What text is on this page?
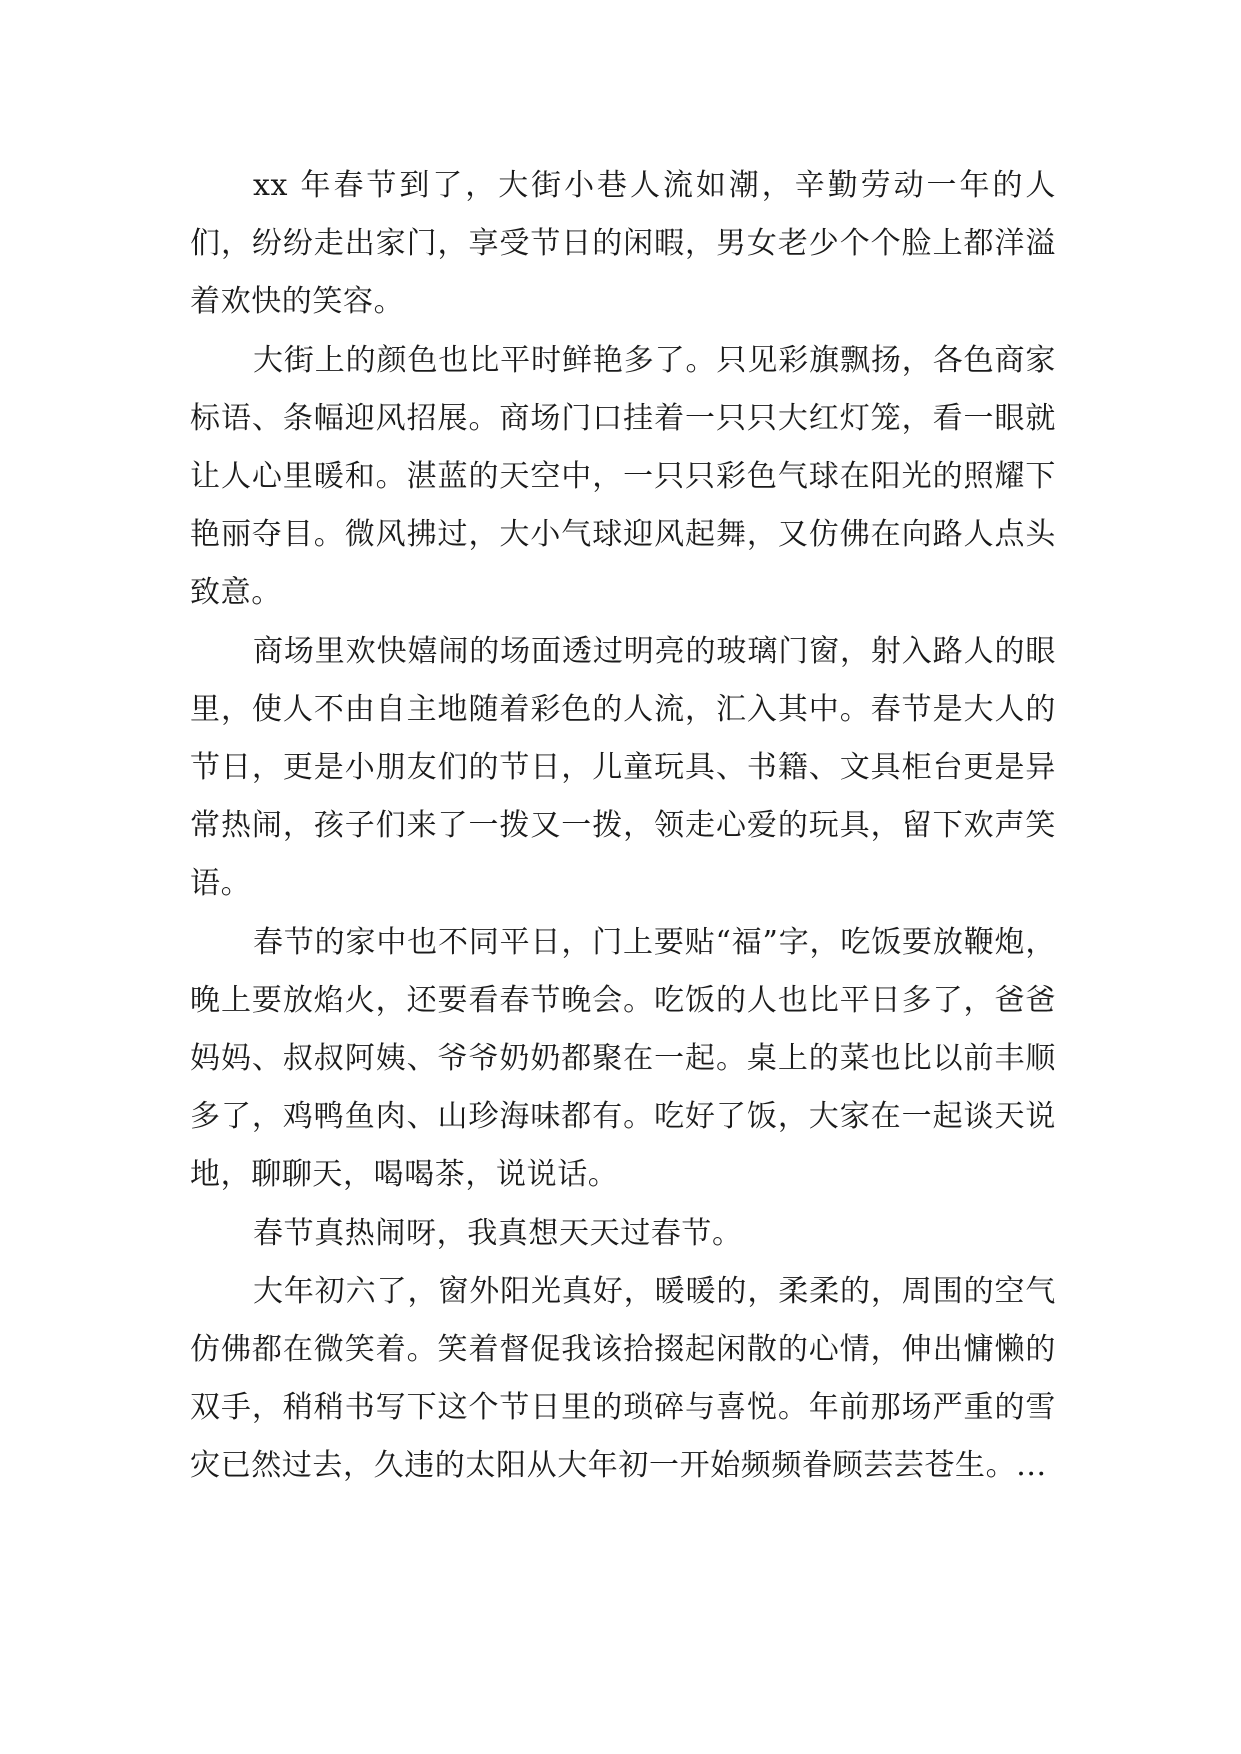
xx 年春节到了，大街小巷人流如潮，辛勤劳动一年的人们，纷纷走出家门，享受节日的闲暇，男女老少个个脸上都洋溢着欢快的笑容。

大街上的颜色也比平时鲜艳多了。只见彩旗飘扬，各色商家标语、条幅迎风招展。商场门口挂着一只只大红灯笼，看一眼就让人心里暖和。湛蓝的天空中，一只只彩色气球在阳光的照耀下艳丽夺目。微风拂过，大小气球迎风起舞，又仿佛在向路人点头致意。

商场里欢快嬉闹的场面透过明亮的玻璃门窗，射入路人的眼里，使人不由自主地随着彩色的人流，汇入其中。春节是大人的节日，更是小朋友们的节日，儿童玩具、书籍、文具柜台更是异常热闹，孩子们来了一拨又一拨，领走心爱的玩具，留下欢声笑语。

春节的家中也不同平日，门上要贴“福”字，吃饭要放鞭炮，晚上要放焰火，还要看春节晚会。吃饭的人也比平日多了，爸爸妈妈、叔叔阿姨、爷爷奶奶都聚在一起。桌上的菜也比以前丰顺多了，鸡鸭鱼肉、山珍海味都有。吃好了饭，大家在一起谈天说地，聊聊天，喝喝茶，说说话。

春节真热闹呀，我真想天天过春节。

大年初六了，窗外阳光真好，暖暖的，柔柔的，周围的空气仿佛都在微笑着。笑着督促我该拾掇起闲散的心情，伸出慵懒的双手，稍稍书写下这个节日里的琐碎与喜悦。年前那场严重的雪灾已然过去，久违的太阳从大年初一开始频频眷顾芸芸苍生。...
